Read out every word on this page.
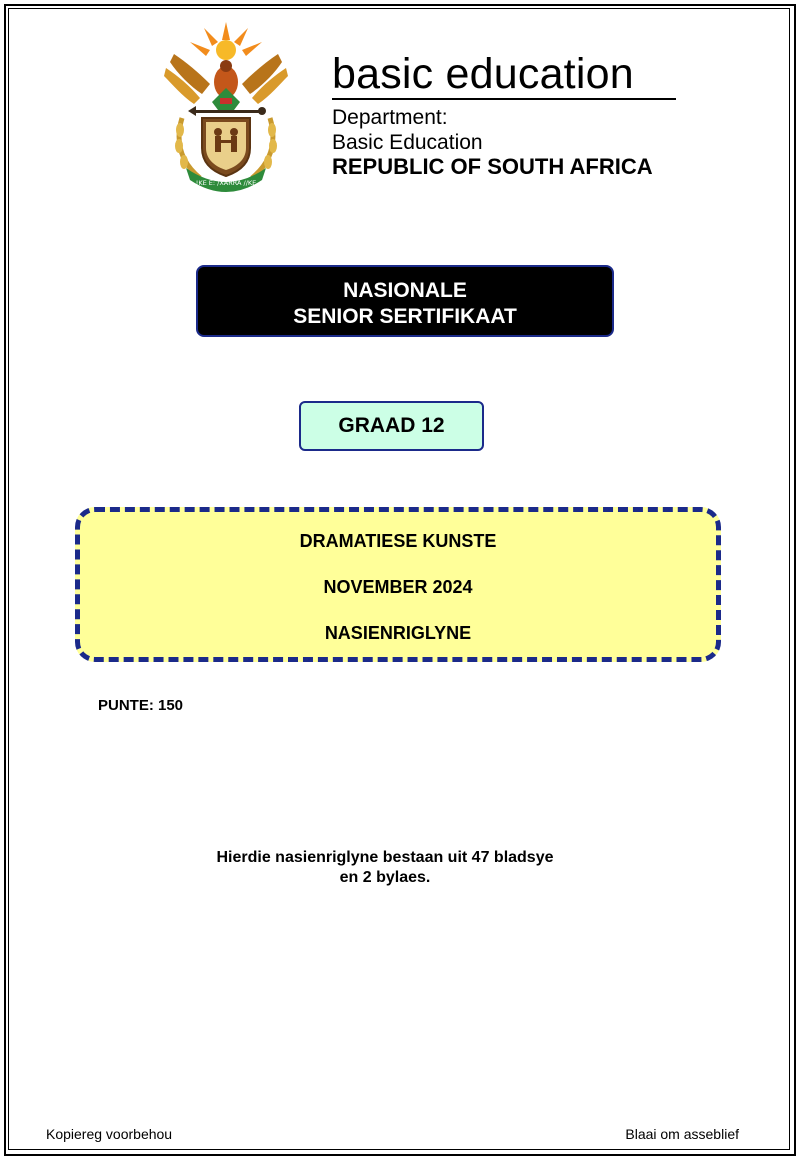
!KE E: /XARRA //KE
basic education
Department:
Basic Education
REPUBLIC OF SOUTH AFRICA
NASIONALE
SENIOR SERTIFIKAAT
GRAAD 12
DRAMATIESE KUNSTE
NOVEMBER 2024
NASIENRIGLYNE
PUNTE: 150
Hierdie nasienriglyne bestaan uit 47 bladsye
en 2 bylaes.
Kopiereg voorbehou	Blaai om asseblief
